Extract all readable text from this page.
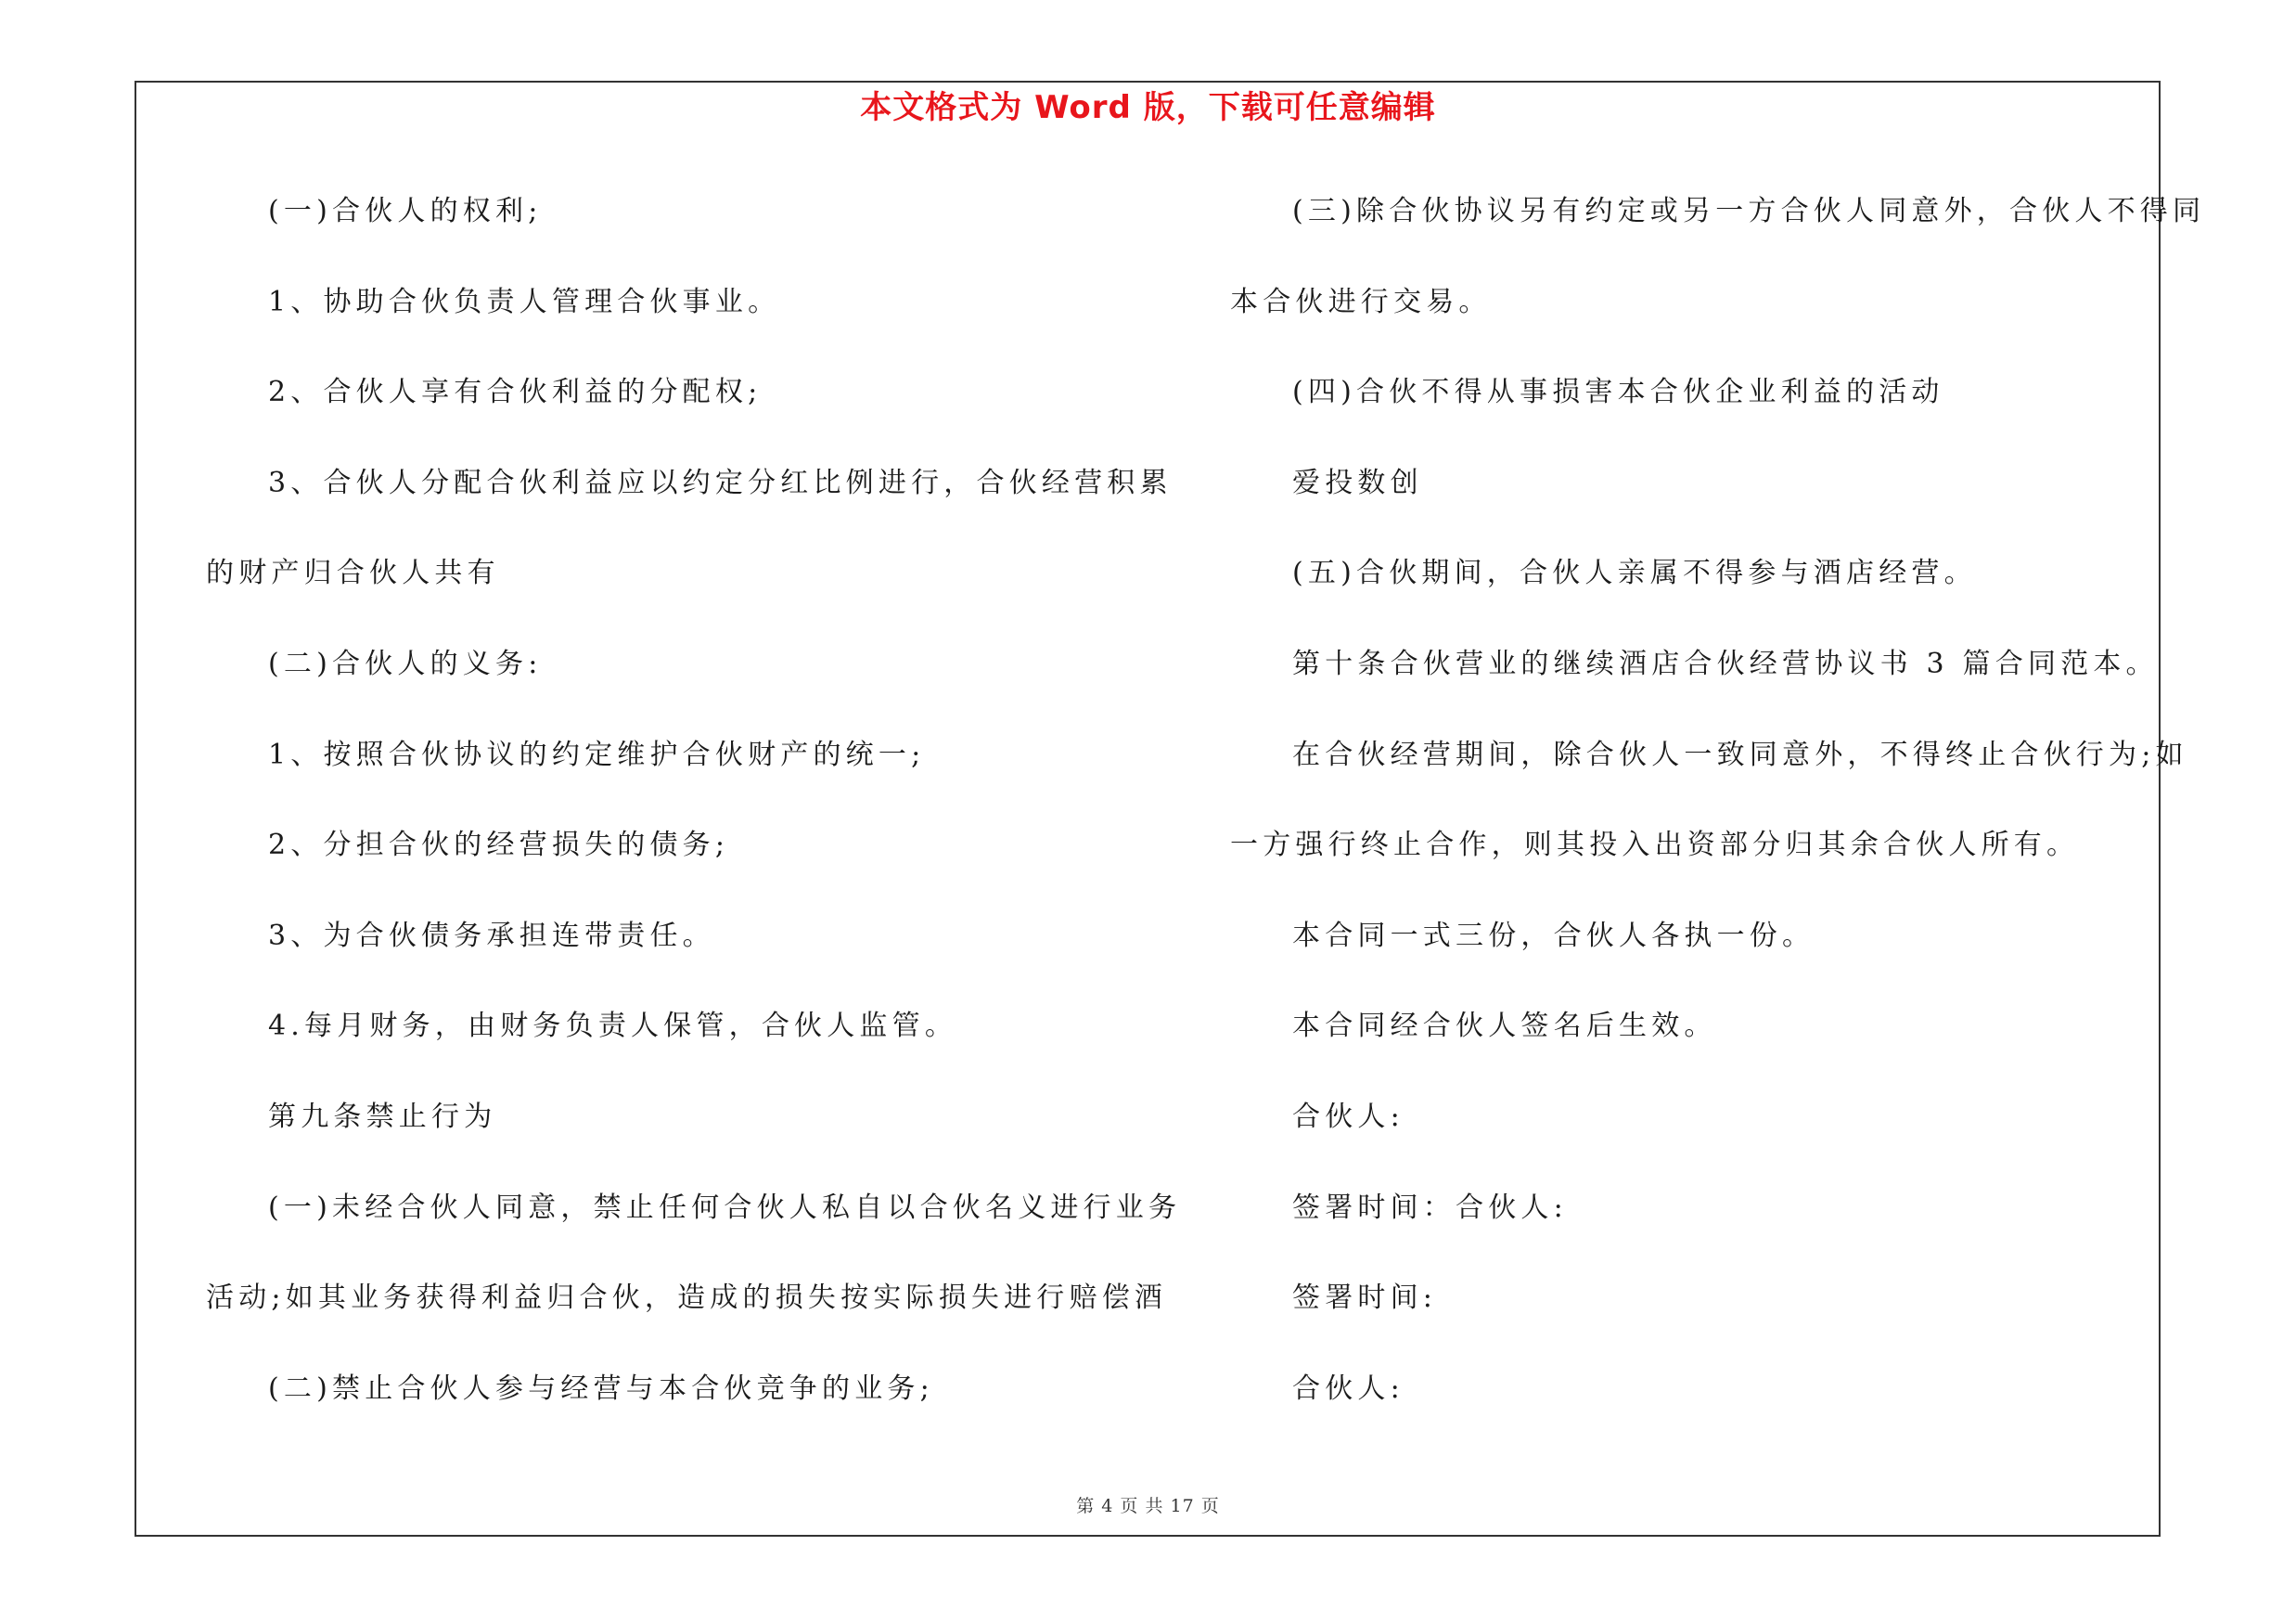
本文格式为 Word 版，下载可任意编辑
(一)合伙人的权利;
1、协助合伙负责人管理合伙事业。
2、合伙人享有合伙利益的分配权;
3、合伙人分配合伙利益应以约定分红比例进行，合伙经营积累
的财产归合伙人共有
(二)合伙人的义务:
1、按照合伙协议的约定维护合伙财产的统一;
2、分担合伙的经营损失的债务;
3、为合伙债务承担连带责任。
4.每月财务，由财务负责人保管，合伙人监管。
第九条禁止行为
(一)未经合伙人同意，禁止任何合伙人私自以合伙名义进行业务
活动;如其业务获得利益归合伙，造成的损失按实际损失进行赔偿酒
(二)禁止合伙人参与经营与本合伙竞争的业务;
(三)除合伙协议另有约定或另一方合伙人同意外，合伙人不得同
本合伙进行交易。
(四)合伙不得从事损害本合伙企业利益的活动
爱投数创
(五)合伙期间，合伙人亲属不得参与酒店经营。
第十条合伙营业的继续酒店合伙经营协议书 3 篇合同范本。
在合伙经营期间，除合伙人一致同意外，不得终止合伙行为;如
一方强行终止合作，则其投入出资部分归其余合伙人所有。
本合同一式三份，合伙人各执一份。
本合同经合伙人签名后生效。
合伙人:
签署时间：合伙人:
签署时间:
合伙人:
第 4 页 共 17 页
